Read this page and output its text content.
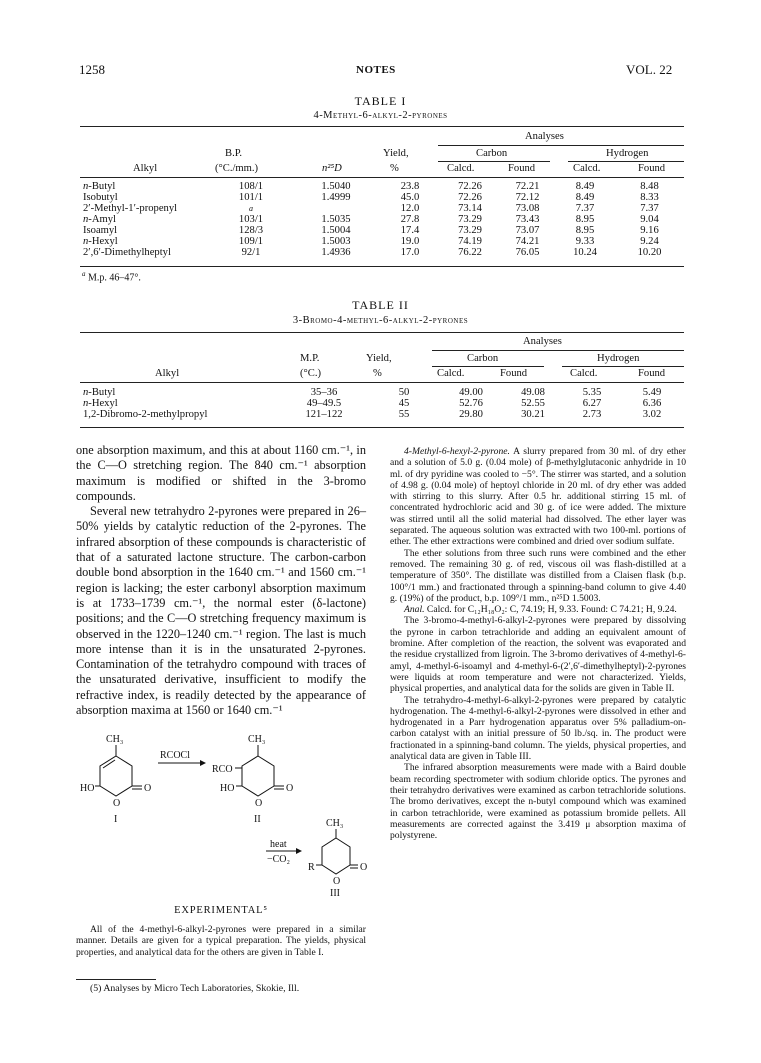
1258	NOTES	VOL. 22
TABLE I
4-Methyl-6-alkyl-2-pyrones
Analyses
B.P.	Yield,	Carbon	Hydrogen
Alkyl	(°C./mm.)	n²⁵D	%	Calcd.	Found	Calcd.	Found
n-Butyl	108/1	1.5040	23.8	72.26	72.21	8.49	8.48
Isobutyl	101/1	1.4999	45.0	72.26	72.12	8.49	8.33
2′-Methyl-1′-propenyl	a		12.0	73.14	73.08	7.37	7.37
n-Amyl	103/1	1.5035	27.8	73.29	73.43	8.95	9.04
Isoamyl	128/3	1.5004	17.4	73.29	73.07	8.95	9.16
n-Hexyl	109/1	1.5003	19.0	74.19	74.21	9.33	9.24
2′,6′-Dimethylheptyl	92/1	1.4936	17.0	76.22	76.05	10.24	10.20
$^a$ M.p. 46–47°.
TABLE II
3-Bromo-4-methyl-6-alkyl-2-pyrones
Analyses
M.P.	Yield,	Carbon	Hydrogen
Alkyl	(°C.)	%	Calcd.	Found	Calcd.	Found
n-Butyl	35–36	50	49.00	49.08	5.35	5.49
n-Hexyl	49–49.5	45	52.76	52.55	6.27	6.36
1,2-Dibromo-2-methylpropyl	121–122	55	29.80	30.21	2.73	3.02

one absorption maximum, and this at about 1160 cm.⁻¹, in the C—O stretching region. The 840 cm.⁻¹ absorption maximum is modified or shifted in the 3-bromo compounds.

Several new tetrahydro 2-pyrones were prepared in 26–50% yields by catalytic reduction of the 2-pyrones. The infrared absorption of these compounds is characteristic of that of a saturated lactone structure. The carbon-carbon double bond absorption in the 1640 cm.⁻¹ and 1560 cm.⁻¹ region is lacking; the ester carbonyl absorption maximum is at 1733–1739 cm.⁻¹, the normal ester (δ-lactone) positions; and the C—O stretching frequency maximum is observed in the 1220–1240 cm.⁻¹ region. The last is much more intense than it is in the unsaturated 2-pyrones. Contamination of the tetrahydro compound with traces of the unsaturated derivative, insufficient to modify the refractive index, is readily detected by the appearance of absorption maxima at 1560 or 1640 cm.⁻¹

CH₃
O
HO
O
I
RCOCl
CH₃
O
RCO
HO
O
II
heat
−CO₂
CH₃
O
R
O
III
EXPERIMENTAL⁵

All of the 4-methyl-6-alkyl-2-pyrones were prepared in a similar manner. Details are given for a typical preparation. The yields, physical properties, and analytical data for the others are given in Table I.

(5) Analyses by Micro Tech Laboratories, Skokie, Ill.

4-Methyl-6-hexyl-2-pyrone. A slurry prepared from 30 ml. of dry ether and a solution of 5.0 g. (0.04 mole) of β-methylglutaconic anhydride in 10 ml. of dry pyridine was cooled to −5°. The stirrer was started, and a solution of 4.98 g. (0.04 mole) of heptoyl chloride in 20 ml. of dry ether was added with stirring to this slurry. After 0.5 hr. additional stirring 15 ml. of concentrated hydrochloric acid and 30 g. of ice were added. The mixture was stirred until all the solid material had dissolved. The ether layer was separated. The aqueous solution was extracted with two 100-ml. portions of ether. The ether extractions were combined and dried over sodium sulfate.

The ether solutions from three such runs were combined and the ether removed. The remaining 30 g. of red, viscous oil was flash-distilled at a temperature of 350°. The distillate was distilled from a Claisen flask (b.p. 100°/1 mm.) and fractionated through a spinning-band column to give 4.40 g. (19%) of the product, b.p. 109°/1 mm., n²⁵D 1.5003.

Anal. Calcd. for C₁₂H₁₈O₂: C, 74.19; H, 9.33. Found: C 74.21; H, 9.24.

The 3-bromo-4-methyl-6-alkyl-2-pyrones were prepared by dissolving the pyrone in carbon tetrachloride and adding an equivalent amount of bromine. After completion of the reaction, the solvent was evaporated and the residue crystallized from ligroin. The 3-bromo derivatives of 4-methyl-6-amyl, 4-methyl-6-isoamyl and 4-methyl-6-(2′,6′-dimethylheptyl)-2-pyrones were liquids at room temperature and were not characterized. Yields, physical properties, and analytical data for the solids are given in Table II.

The tetrahydro-4-methyl-6-alkyl-2-pyrones were prepared by catalytic hydrogenation. The 4-methyl-6-alkyl-2-pyrones were dissolved in ether and hydrogenated in a Parr hydrogenation apparatus over 5% palladium-on-carbon catalyst with an initial pressure of 50 lb./sq. in. The product were fractionated in a spinning-band column. The yields, physical properties, and analytical data are given in Table III.

The infrared absorption measurements were made with a Baird double beam recording spectrometer with sodium chloride optics. The pyrones and their tetrahydro derivatives were examined as carbon tetrachloride solutions. The bromo derivatives, except the n-butyl compound which was examined in carbon tetrachloride, were examined as potassium bromide pellets. All measurements are corrected against the 3.419 μ absorption maxima of polystyrene.
